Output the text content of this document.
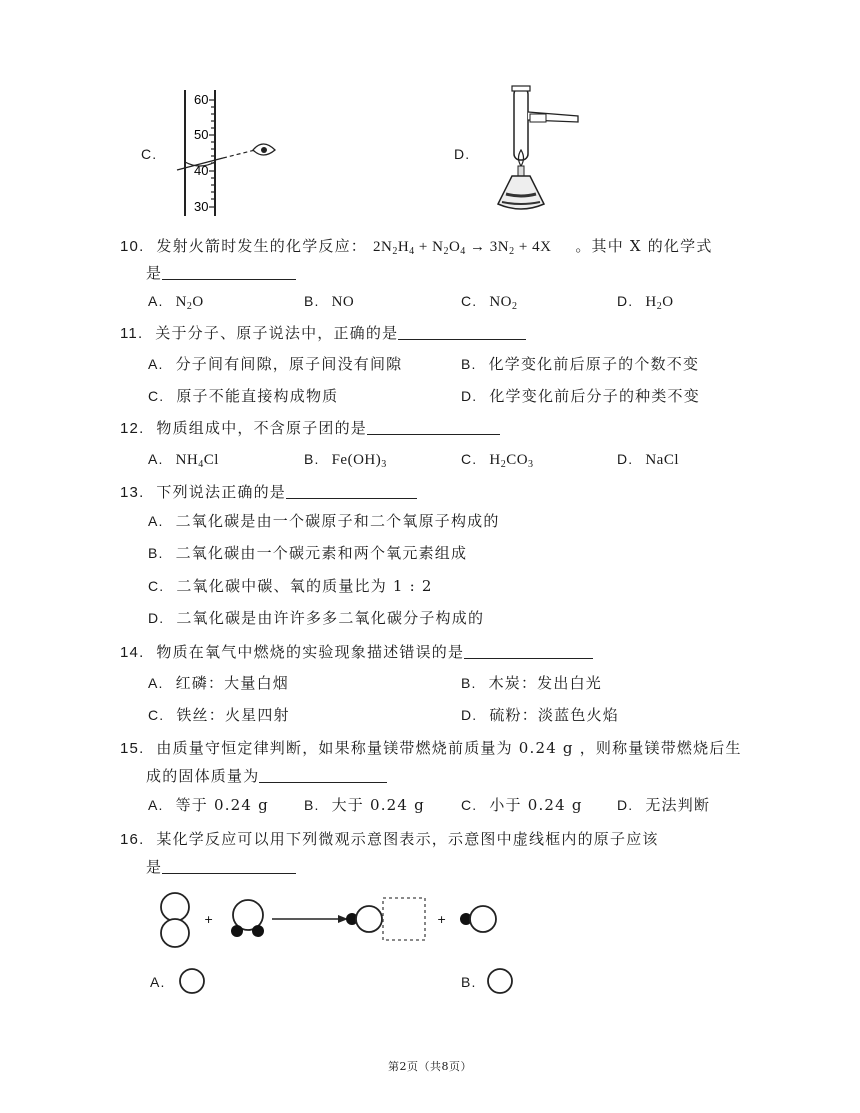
C.
60
50
40
30
D.
10. 发射火箭时发生的化学反应： $2N_2H_4 + N_2O_4 \to 3N_2 + 4X$ 。其中 X 的化学式
是
A. $N_2O$	B. NO	C. $NO_2$	D. $H_2O$
11. 关于分子、原子说法中，正确的是
A. 分子间有间隙，原子间没有间隙	B. 化学变化前后原子的个数不变
C. 原子不能直接构成物质	D. 化学变化前后分子的种类不变
12. 物质组成中，不含原子团的是
A. $NH_4Cl$	B. $Fe(OH)_3$	C. $H_2CO_3$	D. NaCl
13. 下列说法正确的是
A. 二氧化碳是由一个碳原子和二个氧原子构成的
B. 二氧化碳由一个碳元素和两个氧元素组成
C. 二氧化碳中碳、氧的质量比为 1 : 2
D. 二氧化碳是由许许多多二氧化碳分子构成的
14. 物质在氧气中燃烧的实验现象描述错误的是
A. 红磷：大量白烟	B. 木炭：发出白光
C. 铁丝：火星四射	D. 硫粉：淡蓝色火焰
15. 由质量守恒定律判断，如果称量镁带燃烧前质量为 0.24 g ，则称量镁带燃烧后生
成的固体质量为
A. 等于 0.24 g	B. 大于 0.24 g	C. 小于 0.24 g D. 无法判断
16. 某化学反应可以用下列微观示意图表示，示意图中虚线框内的原子应该
是
+	+
A.	B.
第2页（共8页）
